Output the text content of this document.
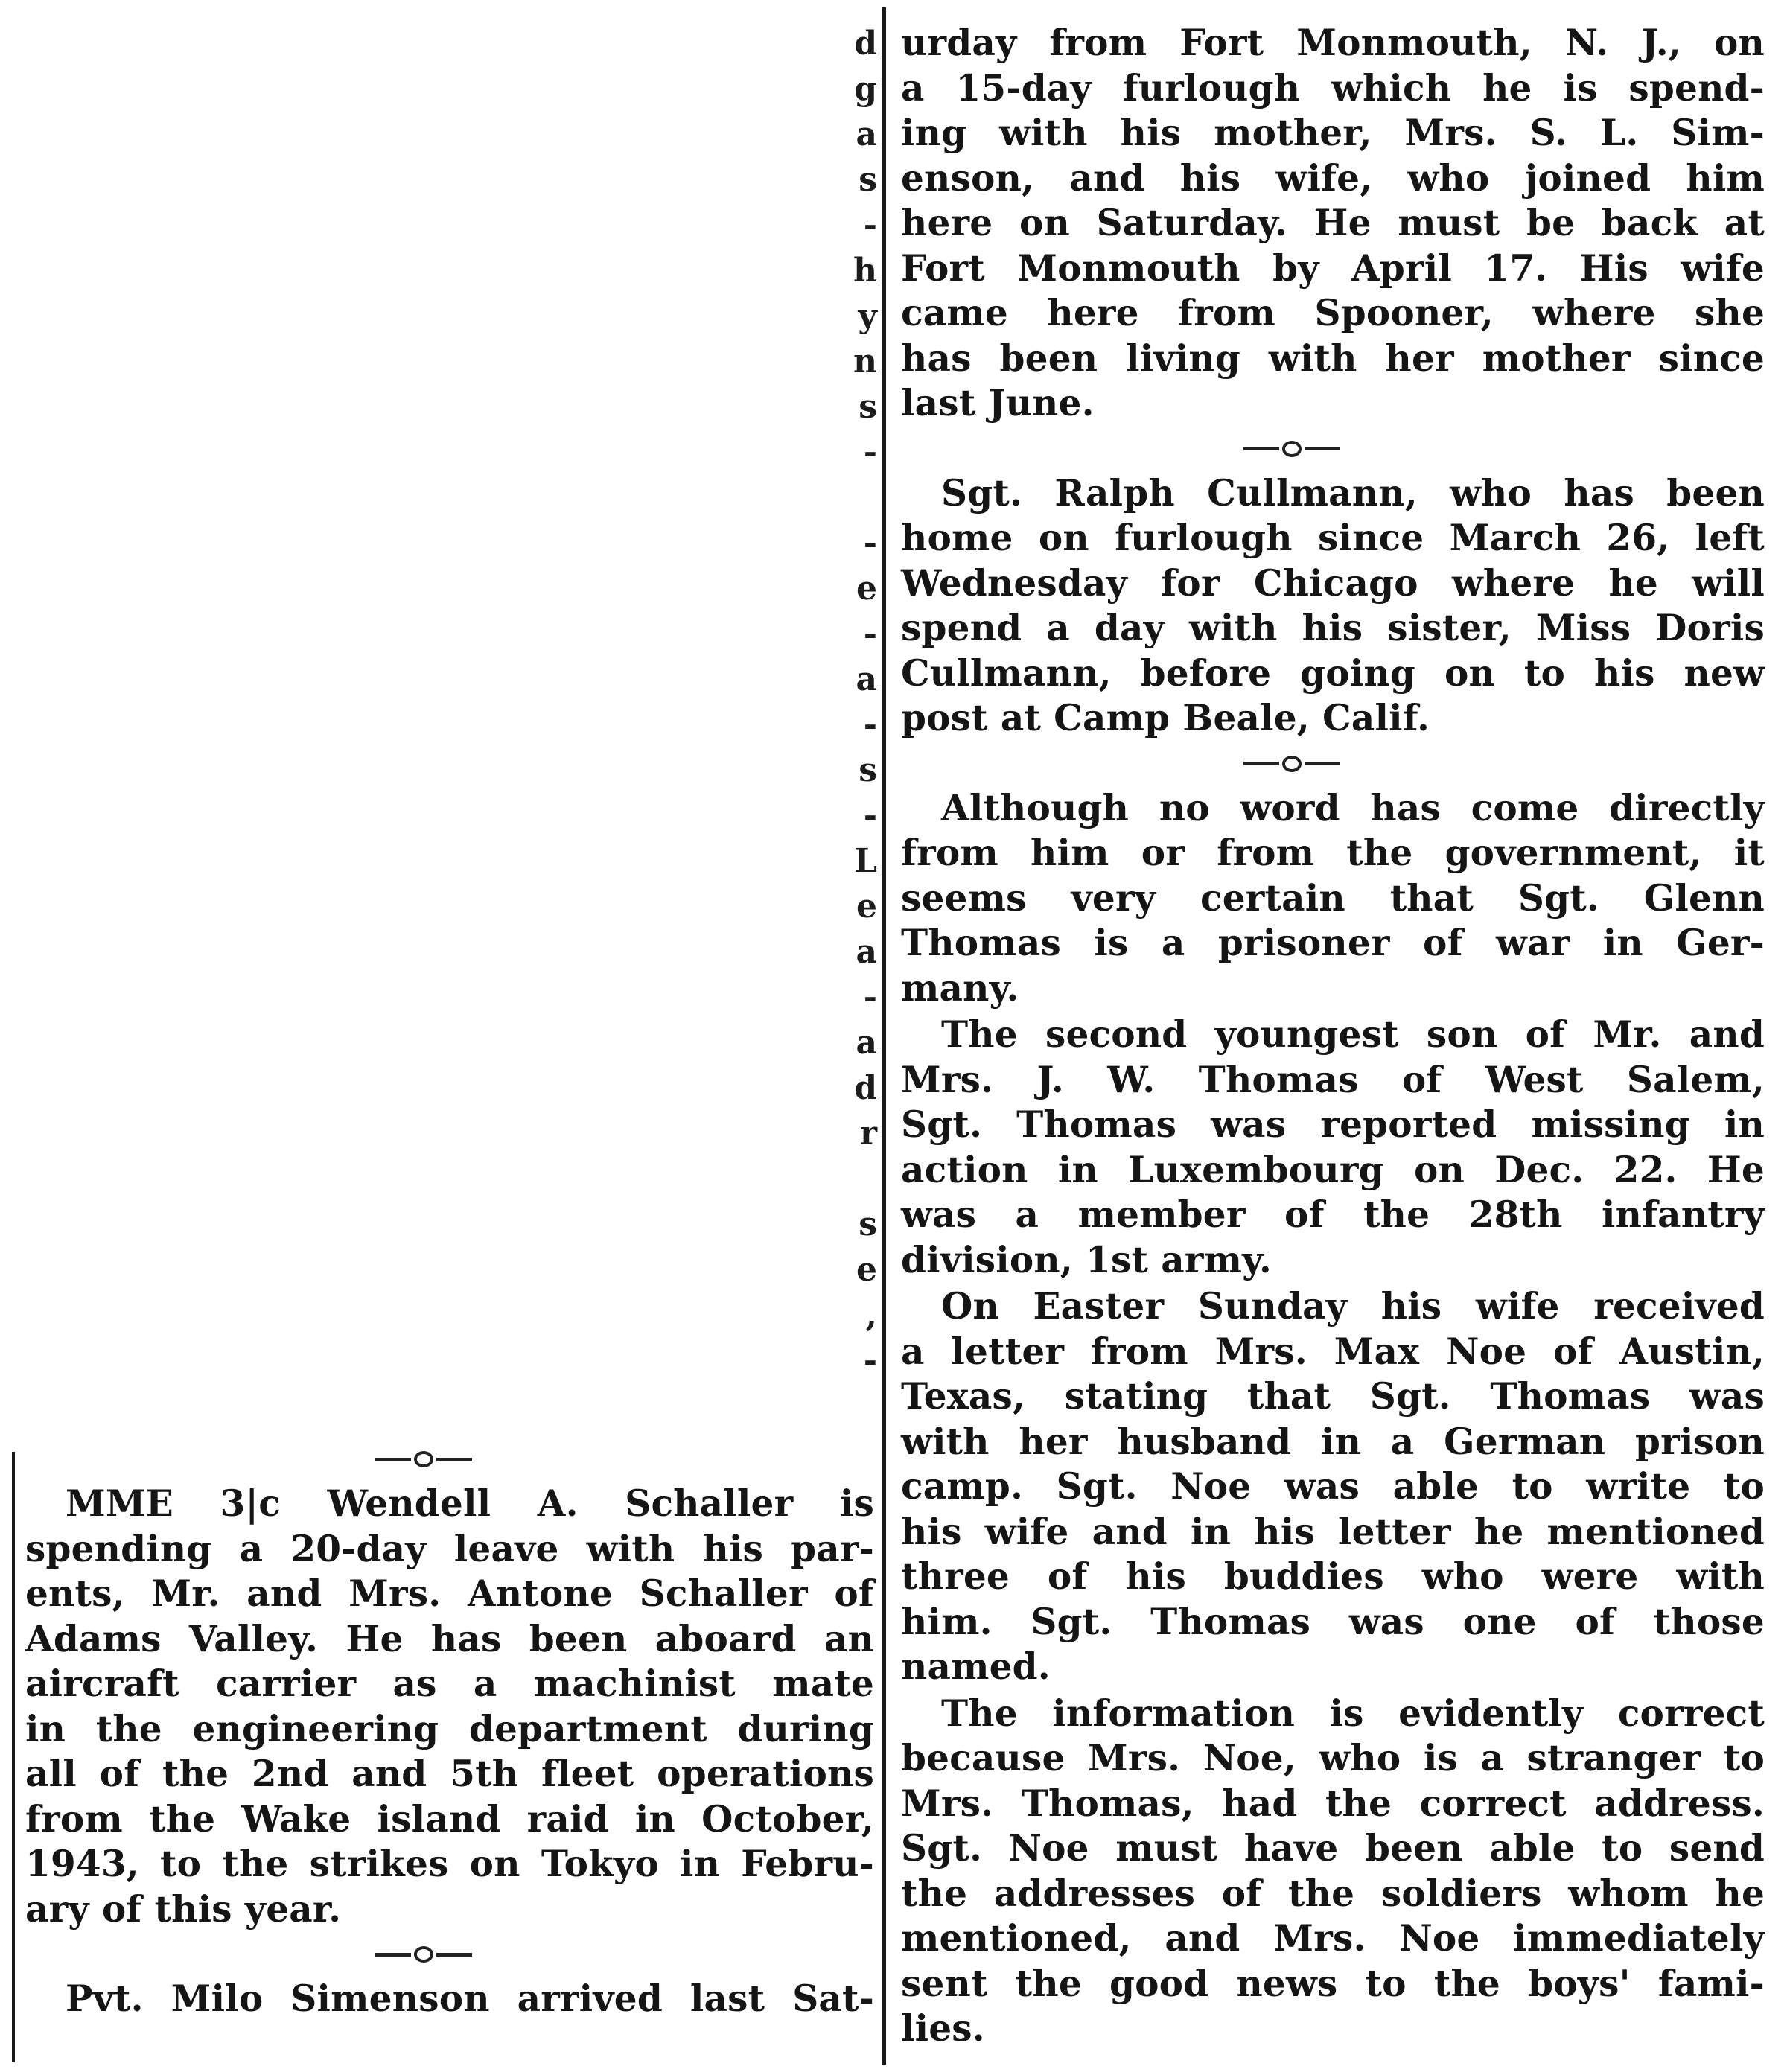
d
g
a
s
-
h
y
n
s
-
-
e
-
a
-
s
-
L
e
a
-
a
d
r
s
e
,
-
urday from Fort Monmouth, N. J., on
a 15-day furlough which he is spend-
ing with his mother, Mrs. S. L. Sim-
enson, and his wife, who joined him
here on Saturday. He must be back at
Fort Monmouth by April 17. His wife
came here from Spooner, where she
has been living with her mother since
last June.
Sgt. Ralph Cullmann, who has been
home on furlough since March 26, left
Wednesday for Chicago where he will
spend a day with his sister, Miss Doris
Cullmann, before going on to his new
post at Camp Beale, Calif.
Although no word has come directly
from him or from the government, it
seems very certain that Sgt. Glenn
Thomas is a prisoner of war in Ger-
many.
The second youngest son of Mr. and
Mrs. J. W. Thomas of West Salem,
Sgt. Thomas was reported missing in
action in Luxembourg on Dec. 22. He
was a member of the 28th infantry
division, 1st army.
On Easter Sunday his wife received
a letter from Mrs. Max Noe of Austin,
Texas, stating that Sgt. Thomas was
with her husband in a German prison
camp. Sgt. Noe was able to write to
his wife and in his letter he mentioned
three of his buddies who were with
him. Sgt. Thomas was one of those
named.
The information is evidently correct
because Mrs. Noe, who is a stranger to
Mrs. Thomas, had the correct address.
Sgt. Noe must have been able to send
the addresses of the soldiers whom he
mentioned, and Mrs. Noe immediately
sent the good news to the boys' fami-
lies.
MME 3|c Wendell A. Schaller is
spending a 20-day leave with his par-
ents, Mr. and Mrs. Antone Schaller of
Adams Valley. He has been aboard an
aircraft carrier as a machinist mate
in the engineering department during
all of the 2nd and 5th fleet operations
from the Wake island raid in October,
1943, to the strikes on Tokyo in Febru-
ary of this year.
Pvt. Milo Simenson arrived last Sat-
